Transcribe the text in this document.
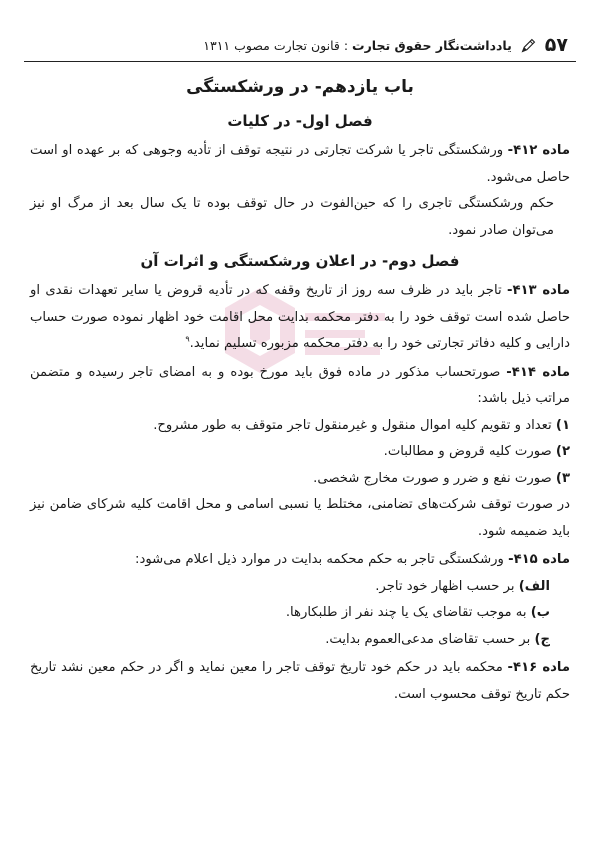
۵۷
یادداشت‌نگار حقوق تجارت : قانون تجارت مصوب ۱۳۱۱
باب یازدهم- در ورشکستگی
فصل اول- در کلیات

ماده ۴۱۲- ورشکستگی تاجر یا شرکت تجارتی در نتیجه توقف از تأدیه وجوهی که بر عهده او است حاصل می‌شود.

حکم ورشکستگی تاجری را که حین‌الفوت در حال توقف بوده تا یک سال بعد از مرگ او نیز می‌توان صادر نمود.

فصل دوم- در اعلان ورشکستگی و اثرات آن

ماده ۴۱۳- تاجر باید در ظرف سه روز از تاریخ وقفه که در تأدیه قروض یا سایر تعهدات نقدی او حاصل شده است توقف خود را به دفتر محکمه بدایت محل اقامت خود اظهار نموده صورت حساب دارایی و کلیه دفاتر تجارتی خود را به دفتر محکمه مزبوره تسلیم نماید.$^۹$

ماده ۴۱۴- صورتحساب مذکور در ماده فوق باید مورخ بوده و به امضای تاجر رسیده و متضمن مراتب ذیل باشد:

۱) تعداد و تقویم کلیه اموال منقول و غیرمنقول تاجر متوقف به طور مشروح.

۲) صورت کلیه قروض و مطالبات.

۳) صورت نفع و ضرر و صورت مخارج شخصی.

در صورت توقف شرکت‌های تضامنی، مختلط یا نسبی اسامی و محل اقامت کلیه شرکای ضامن نیز باید ضمیمه شود.

ماده ۴۱۵- ورشکستگی تاجر به حکم محکمه بدایت در موارد ذیل اعلام می‌شود:

الف) بر حسب اظهار خود تاجر.

ب) به موجب تقاضای یک یا چند نفر از طلبکارها.

ج) بر حسب تقاضای مدعی‌العموم بدایت.

ماده ۴۱۶- محکمه باید در حکم خود تاریخ توقف تاجر را معین نماید و اگر در حکم معین نشد تاریخ حکم تاریخ توقف محسوب است.
